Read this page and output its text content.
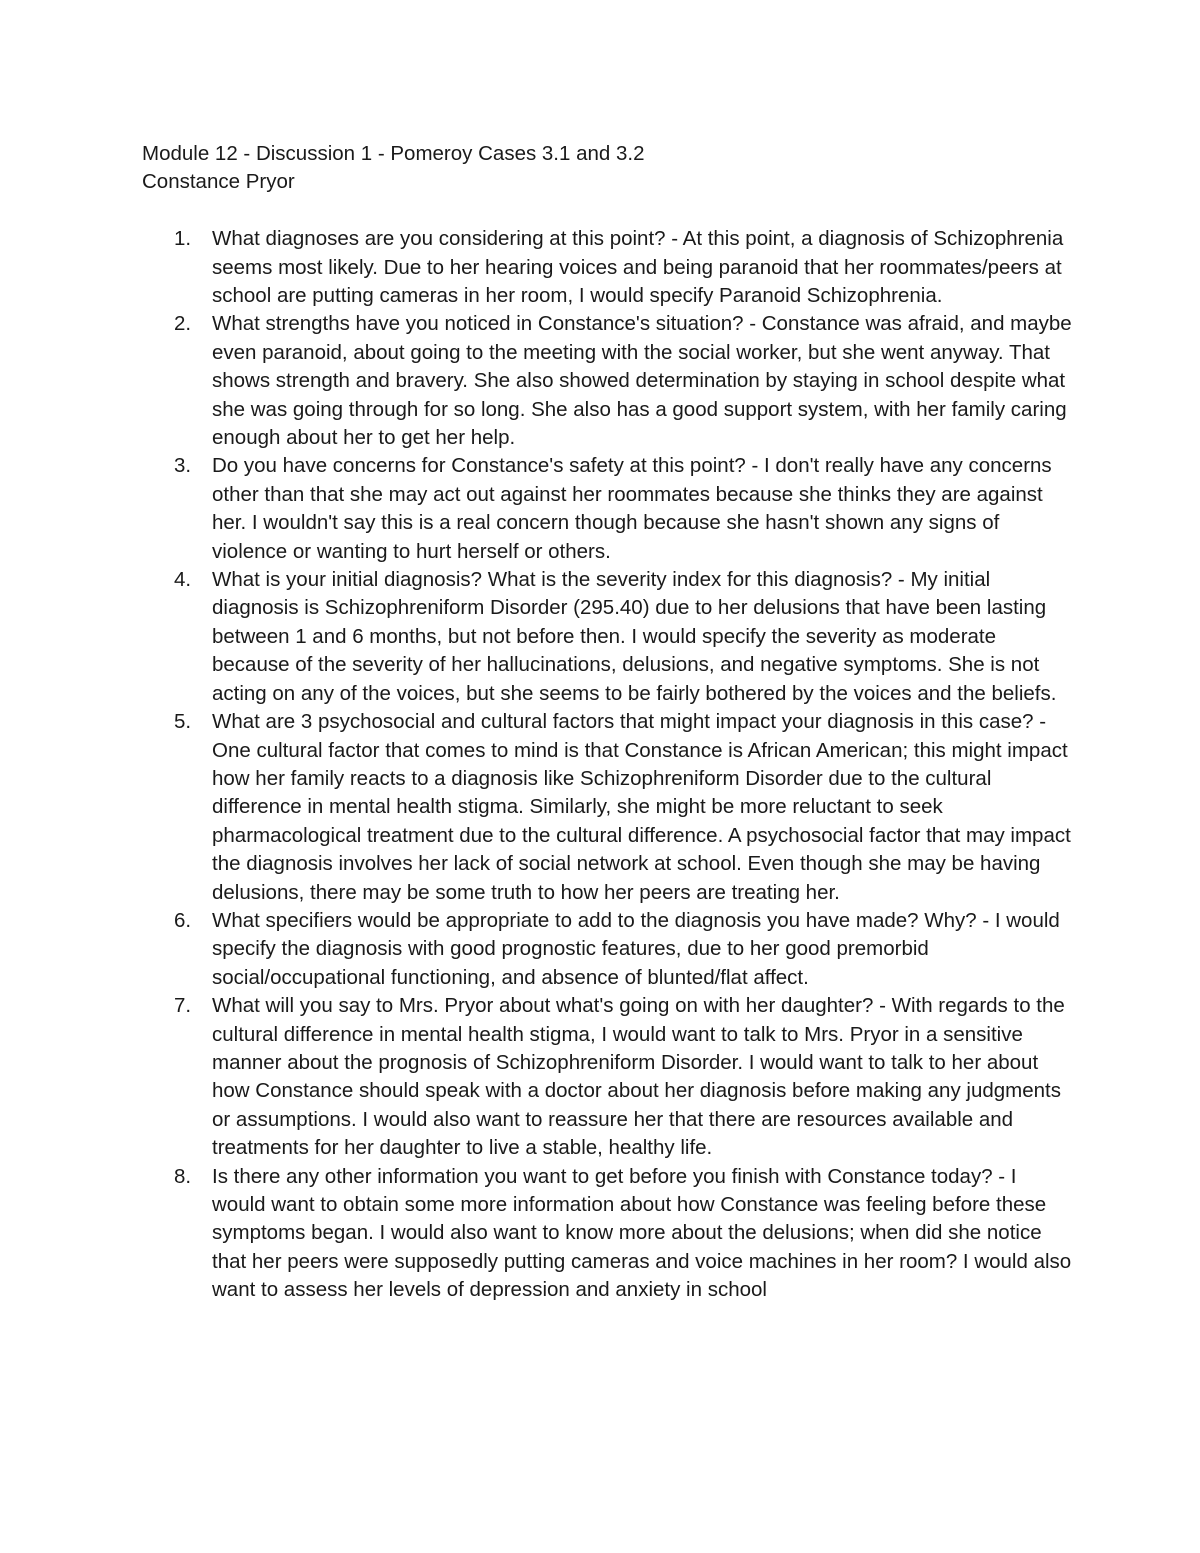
Module 12 - Discussion 1 - Pomeroy Cases 3.1 and 3.2

Constance Pryor

1.	What diagnoses are you considering at this point? - At this point, a diagnosis of Schizophrenia seems most likely. Due to her hearing voices and being paranoid that her roommates/peers at school are putting cameras in her room, I would specify Paranoid Schizophrenia.
2.	What strengths have you noticed in Constance's situation? - Constance was afraid, and maybe even paranoid, about going to the meeting with the social worker, but she went anyway. That shows strength and bravery. She also showed determination by staying in school despite what she was going through for so long. She also has a good support system, with her family caring enough about her to get her help.
3.	Do you have concerns for Constance's safety at this point? - I don't really have any concerns other than that she may act out against her roommates because she thinks they are against her. I wouldn't say this is a real concern though because she hasn't shown any signs of violence or wanting to hurt herself or others.
4.	What is your initial diagnosis? What is the severity index for this diagnosis? - My initial diagnosis is Schizophreniform Disorder (295.40) due to her delusions that have been lasting between 1 and 6 months, but not before then. I would specify the severity as moderate because of the severity of her hallucinations, delusions, and negative symptoms. She is not acting on any of the voices, but she seems to be fairly bothered by the voices and the beliefs.
5.	What are 3 psychosocial and cultural factors that might impact your diagnosis in this case? - One cultural factor that comes to mind is that Constance is African American; this might impact how her family reacts to a diagnosis like Schizophreniform Disorder due to the cultural difference in mental health stigma. Similarly, she might be more reluctant to seek pharmacological treatment due to the cultural difference. A psychosocial factor that may impact the diagnosis involves her lack of social network at school. Even though she may be having delusions, there may be some truth to how her peers are treating her.
6.	What specifiers would be appropriate to add to the diagnosis you have made? Why? - I would specify the diagnosis with good prognostic features, due to her good premorbid social/occupational functioning, and absence of blunted/flat affect.
7.	What will you say to Mrs. Pryor about what's going on with her daughter? - With regards to the cultural difference in mental health stigma, I would want to talk to Mrs. Pryor in a sensitive manner about the prognosis of Schizophreniform Disorder. I would want to talk to her about how Constance should speak with a doctor about her diagnosis before making any judgments or assumptions. I would also want to reassure her that there are resources available and treatments for her daughter to live a stable, healthy life.
8.	Is there any other information you want to get before you finish with Constance today? - I would want to obtain some more information about how Constance was feeling before these symptoms began. I would also want to know more about the delusions; when did she notice that her peers were supposedly putting cameras and voice machines in her room? I would also want to assess her levels of depression and anxiety in school
